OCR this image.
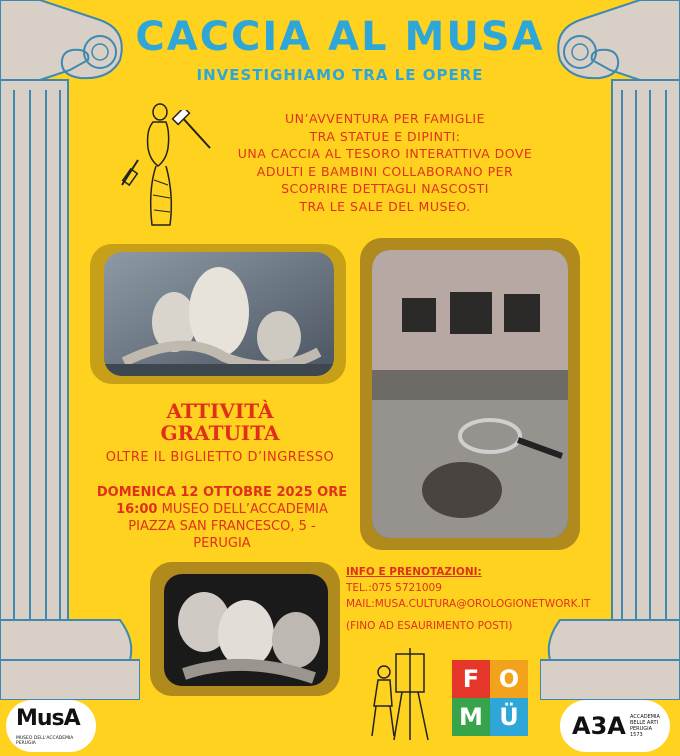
CACCIA AL MUSA
INVESTIGHIAMO TRA LE OPERE
UN’AVVENTURA PER FAMIGLIE
TRA STATUE E DIPINTI:
UNA CACCIA AL TESORO INTERATTIVA DOVE
ADULTI E BAMBINI COLLABORANO PER
SCOPRIRE DETTAGLI NASCOSTI
TRA LE SALE DEL MUSEO.
ATTIVITÀ
GRATUITA
OLTRE IL BIGLIETTO D’INGRESSO
DOMENICA 12 OTTOBRE 2025 ORE
16:00 MUSEO DELL’ACCADEMIA
PIAZZA SAN FRANCESCO, 5 -
PERUGIA
INFO E PRENOTAZIONI:
TEL.:075 5721009
MAIL:MUSA.CULTURA@OROLOGIONETWORK.IT
(FINO AD ESAURIMENTO POSTI)
F O
M Ü
MusA
MUSEO DELL'ACCADEMIA PERUGIA
A3A ACCADEMIA BELLE ARTI PERUGIA 1573
